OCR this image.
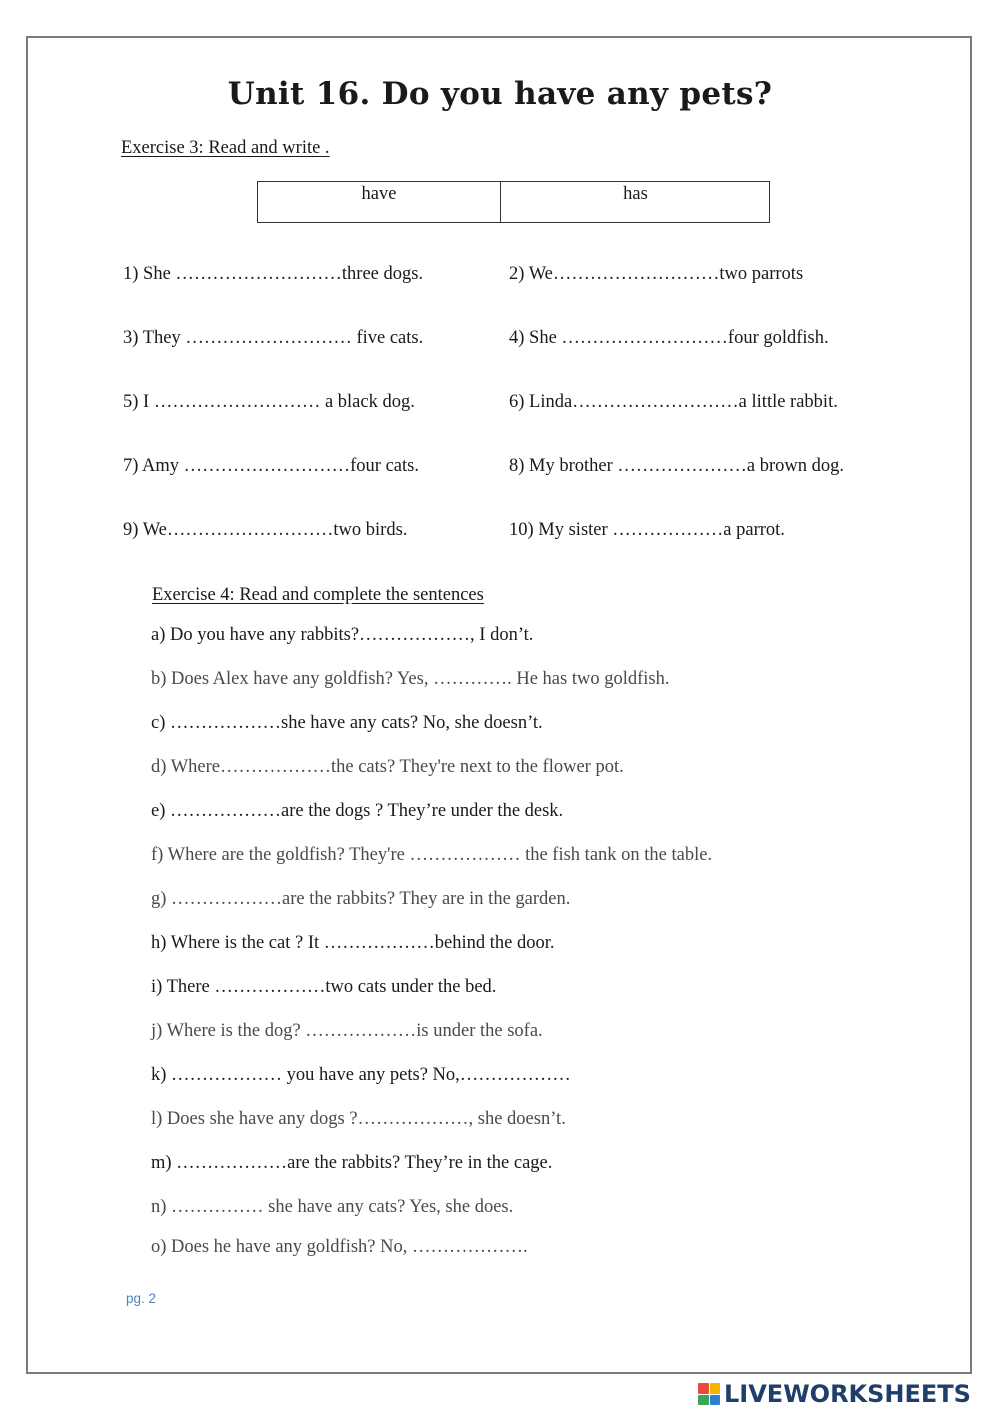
Unit 16. Do you have any pets?
Exercise 3: Read and write .
have	has
1) She ………………………three dogs.
3) They ……………………… five cats.
5) I ……………………… a black dog.
7) Amy ………………………four cats.
9) We………………………two birds.
2) We………………………two parrots
4) She ………………………four goldfish.
6) Linda………………………a little rabbit.
8) My brother …………………a brown dog.
10) My sister ………………a parrot.
Exercise 4: Read and complete the sentences
a) Do you have any rabbits?………………, I don’t.
b) Does Alex have any goldfish? Yes, …………. He has two goldfish.
c) ………………she have any cats? No, she doesn’t.
d) Where………………the cats? They're next to the flower pot.
e) ………………are the dogs ? They’re under the desk.
f) Where are the goldfish? They're ……………… the fish tank on the table.
g) ………………are the rabbits? They are in the garden.
h) Where is the cat ? It ………………behind the door.
i) There ………………two cats under the bed.
j) Where is the dog? ………………is under the sofa.
k) ……………… you have any pets? No,………………
l) Does she have any dogs ?………………, she doesn’t.
m) ………………are the rabbits? They’re in the cage.
n) …………… she have any cats? Yes, she does.
o) Does he have any goldfish? No, ……………….
pg. 2
LIVEWORKSHEETS
